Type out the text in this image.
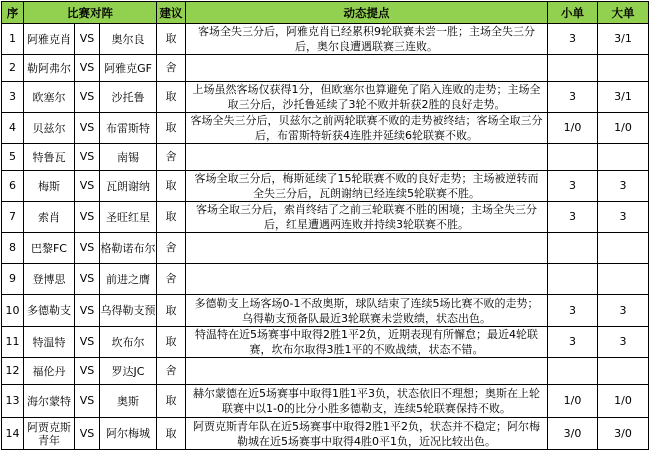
序	比赛对阵			建议	动态提点	小单	大单
1	阿雅克肖	VS	奥尔良	取	客场全失三分后，阿雅克肖已经累积9轮联赛未尝一胜；主场全失三分后，奥尔良遭遇联赛三连败。	3	3/1
2	勒阿弗尔	VS	阿雅克GF	舍			
3	欧塞尔	VS	沙托鲁	取	上场虽然客场仅获得1分，但欧塞尔也算避免了陷入连败的走势；主场全取三分后，沙托鲁延续了3轮不败并斩获2胜的良好走势。	3	3/1
4	贝兹尔	VS	布雷斯特	取	客场全失三分后，贝兹尔之前两轮联赛不败的走势被终结；客场全取三分后，布雷斯特斩获4连胜并延续6轮联赛不败。	1/0	1/0
5	特鲁瓦	VS	南锡	舍			
6	梅斯	VS	瓦朗谢纳	取	客场全取三分后，梅斯延续了15轮联赛不败的良好走势；主场被逆转而全失三分后，瓦朗谢纳已经连续5轮联赛不胜。	3	3
7	索肖	VS	圣旺红星	取	客场全取三分后，索肖终结了之前三轮联赛不胜的困境；主场全失三分后，红星遭遇两连败并持续3轮联赛不胜。	3	3
8	巴黎FC	VS	格勒诺布尔	舍			
9	登博思	VS	前进之膺	舍			
10	多德勒支	VS	乌得勒支预	取	多德勒支上场客场0-1不敌奥斯，球队结束了连续5场比赛不败的走势；乌得勒支预备队最近3轮联赛未尝败绩，状态出色。	3	3
11	特温特	VS	坎布尔	取	特温特在近5场赛事中取得2胜1平2负，近期表现有所懈怠；最近4轮联赛，坎布尔取得3胜1平的不败战绩，状态不错。	3	3
12	福伦丹	VS	罗达JC	舍			
13	海尔蒙特	VS	奥斯	取	赫尔蒙德在近5场赛事中取得1胜1平3负，状态依旧不理想；奥斯在上轮联赛中以1-0的比分小胜多德勒支，连续5轮联赛保持不败。	1/0	1/0
14	阿贾克斯青年	VS	阿尔梅城	取	阿贾克斯青年队在近5场赛事中取得2胜1平2负，状态并不稳定；阿尔梅勒城在近5场赛事中取得4胜0平1负，近况比较出色。	3/0	3/0
